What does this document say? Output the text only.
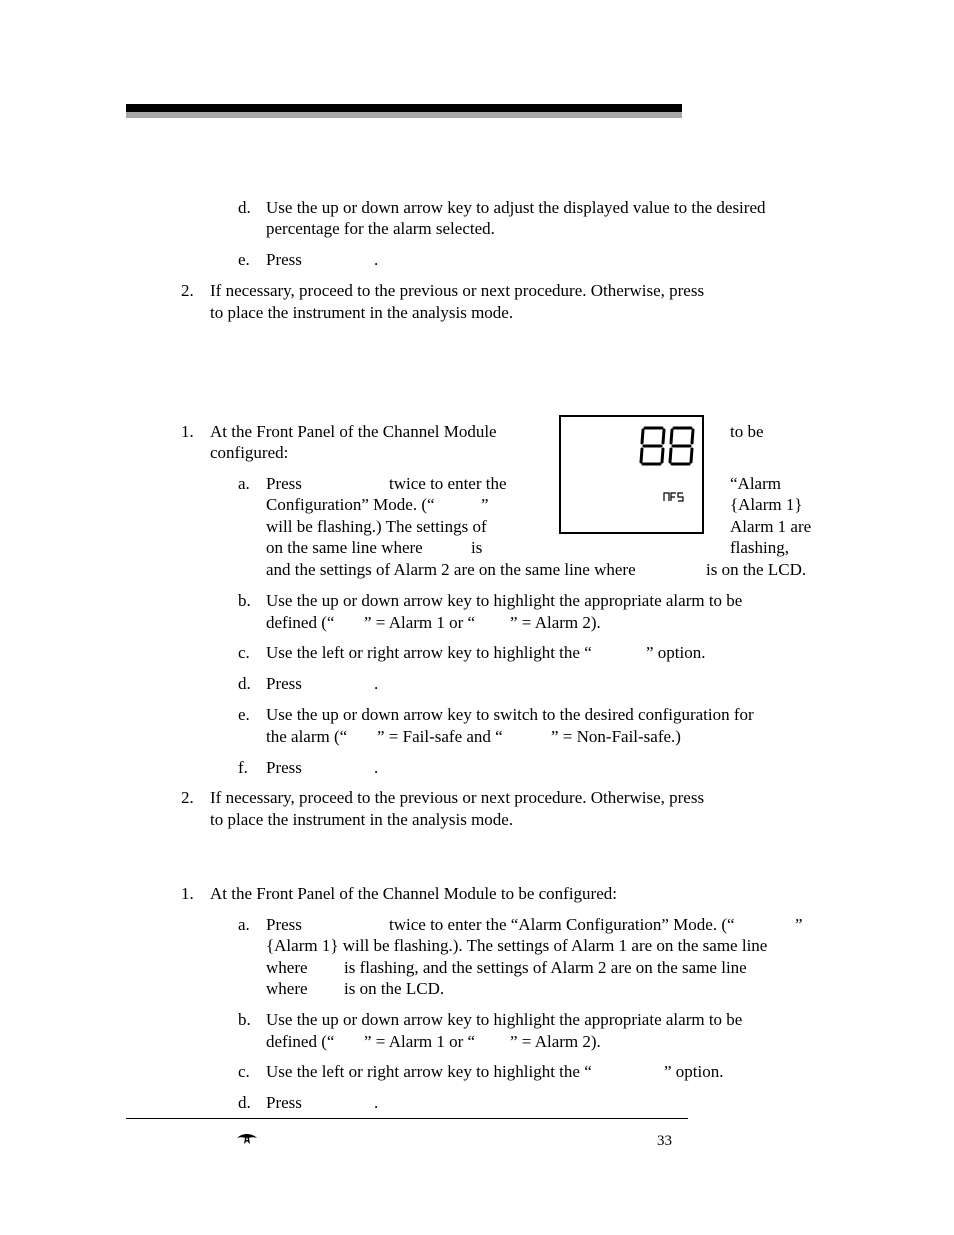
d. Use the up or down arrow key to adjust the displayed value to the desired
percentage for the alarm selected.
e. Press	.
2. If necessary, proceed to the previous or next procedure. Otherwise, press
to place the instrument in the analysis mode.
1. At the Front Panel of the Channel Module	to be
configured:
a. Press	twice to enter the	“Alarm
Configuration” Mode. (“	”	{Alarm 1}
will be flashing.) The settings of	Alarm 1 are
on the same line where	is	flashing,
and the settings of Alarm 2 are on the same line where	is on the LCD.
b. Use the up or down arrow key to highlight the appropriate alarm to be
defined (“ ” = Alarm 1 or “ ” = Alarm 2).
c. Use the left or right arrow key to highlight the “	” option.
d. Press	.
e. Use the up or down arrow key to switch to the desired configuration for
the alarm (“ ” = Fail-safe and “	” = Non-Fail-safe.)
f. Press	.
2. If necessary, proceed to the previous or next procedure. Otherwise, press
to place the instrument in the analysis mode.
1. At the Front Panel of the Channel Module to be configured:
a. Press	twice to enter the “Alarm Configuration” Mode. (“	”
{Alarm 1} will be flashing.). The settings of Alarm 1 are on the same line
where is flashing, and the settings of Alarm 2 are on the same line
where is on the LCD.
b. Use the up or down arrow key to highlight the appropriate alarm to be
defined (“ ” = Alarm 1 or “ ” = Alarm 2).
c. Use the left or right arrow key to highlight the “	” option.
d. Press	.
33
